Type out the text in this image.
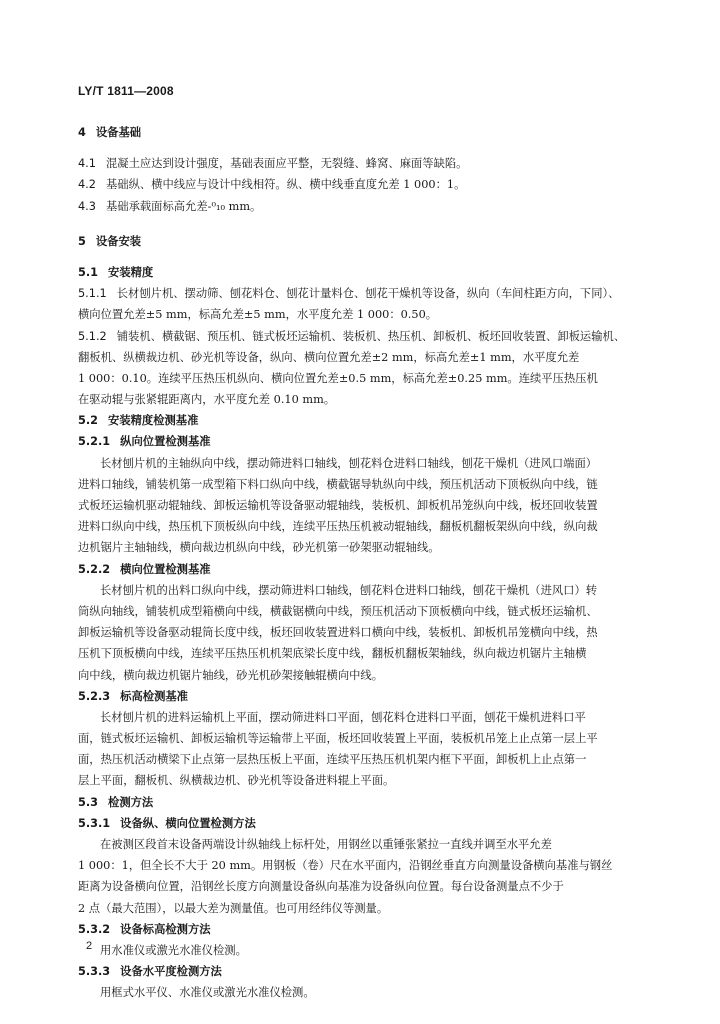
LY/T 1811—2008
4 设备基础
4.1 混凝土应达到设计强度，基础表面应平整，无裂缝、蜂窝、麻面等缺陷。
4.2 基础纵、横中线应与设计中线相符。纵、横中线垂直度允差 1 000：1。
4.3 基础承载面标高允差-⁰₁₀ mm。
5 设备安装
5.1 安装精度
5.1.1 长材刨片机、摆动筛、刨花料仓、刨花计量料仓、刨花干燥机等设备，纵向（车间柱距方向，下同）、
横向位置允差±5 mm，标高允差±5 mm，水平度允差 1 000：0.50。
5.1.2 铺装机、横截锯、预压机、链式板坯运输机、装板机、热压机、卸板机、板坯回收装置、卸板运输机、
翻板机、纵横裁边机、砂光机等设备，纵向、横向位置允差±2 mm，标高允差±1 mm，水平度允差
1 000：0.10。连续平压热压机纵向、横向位置允差±0.5 mm，标高允差±0.25 mm。连续平压热压机
在驱动辊与张紧辊距离内，水平度允差 0.10 mm。
5.2 安装精度检测基准
5.2.1 纵向位置检测基准
长材刨片机的主轴纵向中线，摆动筛进料口轴线，刨花料仓进料口轴线，刨花干燥机（进风口端面）
进料口轴线，铺装机第一成型箱下料口纵向中线，横截锯导轨纵向中线，预压机活动下顶板纵向中线，链
式板坯运输机驱动辊轴线、卸板运输机等设备驱动辊轴线，装板机、卸板机吊笼纵向中线，板坯回收装置
进料口纵向中线，热压机下顶板纵向中线，连续平压热压机被动辊轴线，翻板机翻板架纵向中线，纵向裁
边机锯片主轴轴线，横向裁边机纵向中线，砂光机第一砂架驱动辊轴线。
5.2.2 横向位置检测基准
长材刨片机的出料口纵向中线，摆动筛进料口轴线，刨花料仓进料口轴线，刨花干燥机（进风口）转
筒纵向轴线，铺装机成型箱横向中线，横截锯横向中线，预压机活动下顶板横向中线，链式板坯运输机、
卸板运输机等设备驱动辊筒长度中线，板坯回收装置进料口横向中线，装板机、卸板机吊笼横向中线，热
压机下顶板横向中线，连续平压热压机机架底梁长度中线，翻板机翻板架轴线，纵向裁边机锯片主轴横
向中线，横向裁边机锯片轴线，砂光机砂架接触辊横向中线。
5.2.3 标高检测基准
长材刨片机的进料运输机上平面，摆动筛进料口平面，刨花料仓进料口平面，刨花干燥机进料口平
面，链式板坯运输机、卸板运输机等运输带上平面，板坯回收装置上平面，装板机吊笼上止点第一层上平
面，热压机活动横梁下止点第一层热压板上平面，连续平压热压机机架内框下平面，卸板机上止点第一
层上平面，翻板机、纵横裁边机、砂光机等设备进料辊上平面。
5.3 检测方法
5.3.1 设备纵、横向位置检测方法
在被测区段首末设备两端设计纵轴线上标杆处，用钢丝以重锤张紧拉一直线并调至水平允差
1 000：1，但全长不大于 20 mm。用钢板（卷）尺在水平面内，沿钢丝垂直方向测量设备横向基准与钢丝
距离为设备横向位置，沿钢丝长度方向测量设备纵向基准为设备纵向位置。每台设备测量点不少于
2 点（最大范围），以最大差为测量值。也可用经纬仪等测量。
5.3.2 设备标高检测方法
用水准仪或激光水准仪检测。
5.3.3 设备水平度检测方法
用框式水平仪、水准仪或激光水准仪检测。
2
